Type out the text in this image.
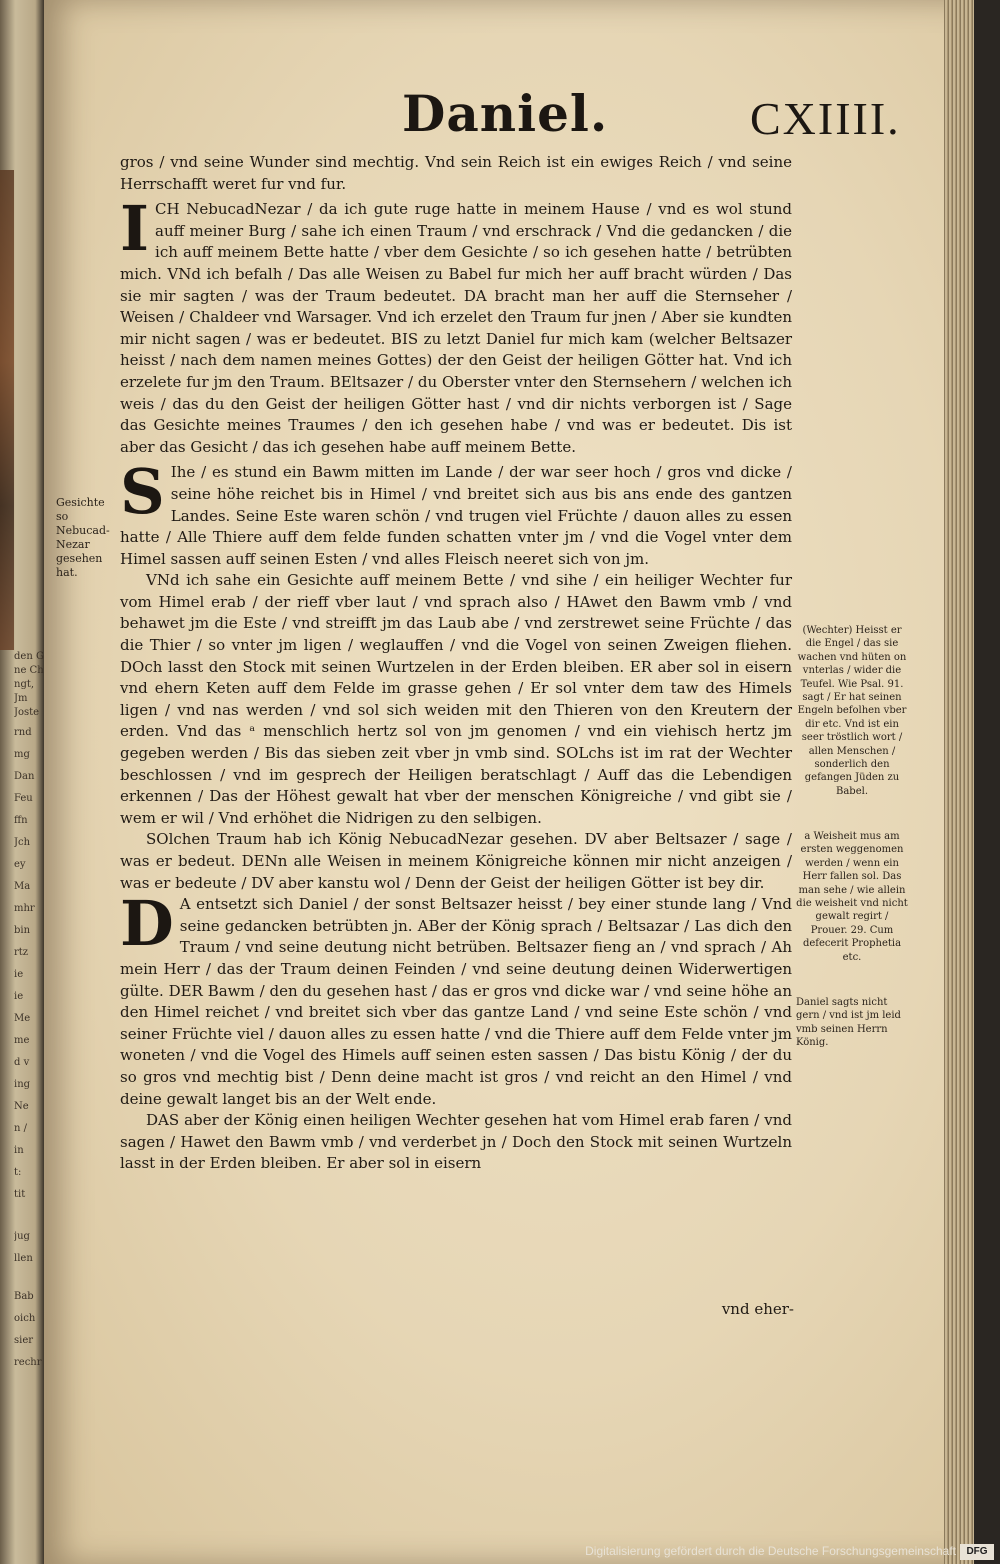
den G
ne Ch
ngt,
Jm
Joste
rnd
mg
Dan
Feu
ffn
Jch
ey
Ma
mhr
bin
rtz
ie
ie
Me
me
d v
ing
Ne
n /
in
t:
tit
jug
llen
Bab
oich
sier
rechr
Daniel.	CXIIII.
Gesichte so Nebucad-Nezar gesehen hat.

gros / vnd seine Wunder sind mechtig. Vnd sein Reich ist ein ewiges Reich / vnd seine Herrschafft weret fur vnd fur.

ICH NebucadNezar / da ich gute ruge hatte in meinem Hause / vnd es wol stund auff meiner Burg / sahe ich einen Traum / vnd erschrack / Vnd die gedancken / die ich auff meinem Bette hatte / vber dem Gesichte / so ich gesehen hatte / betrübten mich. VNd ich befalh / Das alle Weisen zu Babel fur mich her auff bracht würden / Das sie mir sagten / was der Traum bedeutet. DA bracht man her auff die Sternseher / Weisen / Chaldeer vnd Warsager. Vnd ich erzelet den Traum fur jnen / Aber sie kundten mir nicht sagen / was er bedeutet. BIS zu letzt Daniel fur mich kam (welcher Beltsazer heisst / nach dem namen meines Gottes) der den Geist der heiligen Götter hat. Vnd ich erzelete fur jm den Traum. BEltsazer / du Oberster vnter den Sternsehern / welchen ich weis / das du den Geist der heiligen Götter hast / vnd dir nichts verborgen ist / Sage das Gesichte meines Traumes / den ich gesehen habe / vnd was er bedeutet. Dis ist aber das Gesicht / das ich gesehen habe auff meinem Bette.

SIhe / es stund ein Bawm mitten im Lande / der war seer hoch / gros vnd dicke / seine höhe reichet bis in Himel / vnd breitet sich aus bis ans ende des gantzen Landes. Seine Este waren schön / vnd trugen viel Früchte / dauon alles zu essen hatte / Alle Thiere auff dem felde funden schatten vnter jm / vnd die Vogel vnter dem Himel sassen auff seinen Esten / vnd alles Fleisch neeret sich von jm.

VNd ich sahe ein Gesichte auff meinem Bette / vnd sihe / ein heiliger Wechter fur vom Himel erab / der rieff vber laut / vnd sprach also / HAwet den Bawm vmb / vnd behawet jm die Este / vnd streifft jm das Laub abe / vnd zerstrewet seine Früchte / das die Thier / so vnter jm ligen / weglauffen / vnd die Vogel von seinen Zweigen fliehen. DOch lasst den Stock mit seinen Wurtzelen in der Erden bleiben. ER aber sol in eisern vnd ehern Keten auff dem Felde im grasse gehen / Er sol vnter dem taw des Himels ligen / vnd nas werden / vnd sol sich weiden mit den Thieren von den Kreutern der erden. Vnd das ᵃ menschlich hertz sol von jm genomen / vnd ein viehisch hertz jm gegeben werden / Bis das sieben zeit vber jn vmb sind. SOLchs ist im rat der Wechter beschlossen / vnd im gesprech der Heiligen beratschlagt / Auff das die Lebendigen erkennen / Das der Höhest gewalt hat vber der menschen Königreiche / vnd gibt sie / wem er wil / Vnd erhöhet die Nidrigen zu den selbigen.

SOlchen Traum hab ich König NebucadNezar gesehen. DV aber Beltsazer / sage / was er bedeut. DENn alle Weisen in meinem Königreiche können mir nicht anzeigen / was er bedeute / DV aber kanstu wol / Denn der Geist der heiligen Götter ist bey dir.

DA entsetzt sich Daniel / der sonst Beltsazer heisst / bey einer stunde lang / Vnd seine gedancken betrübten jn. ABer der König sprach / Beltsazar / Las dich den Traum / vnd seine deutung nicht betrüben. Beltsazer fieng an / vnd sprach / Ah mein Herr / das der Traum deinen Feinden / vnd seine deutung deinen Widerwertigen gülte. DER Bawm / den du gesehen hast / das er gros vnd dicke war / vnd seine höhe an den Himel reichet / vnd breitet sich vber das gantze Land / vnd seine Este schön / vnd seiner Früchte viel / dauon alles zu essen hatte / vnd die Thiere auff dem Felde vnter jm woneten / vnd die Vogel des Himels auff seinen esten sassen / Das bistu König / der du so gros vnd mechtig bist / Denn deine macht ist gros / vnd reicht an den Himel / vnd deine gewalt langet bis an der Welt ende.

DAS aber der König einen heiligen Wechter gesehen hat vom Himel erab faren / vnd sagen / Hawet den Bawm vmb / vnd verderbet jn / Doch den Stock mit seinen Wurtzeln lasst in der Erden bleiben. Er aber sol in eisern

vnd eher-
(Wechter) Heisst er die Engel / das sie wachen vnd hüten on vnterlas / wider die Teufel. Wie Psal. 91. sagt / Er hat seinen Engeln befolhen vber dir etc. Vnd ist ein seer tröstlich wort / allen Menschen / sonderlich den gefangen Jüden zu Babel.
a Weisheit mus am ersten weggenomen werden / wenn ein Herr fallen sol. Das man sehe / wie allein die weisheit vnd nicht gewalt regirt / Prouer. 29. Cum defecerit Prophetia etc.
Daniel sagts nicht gern / vnd ist jm leid vmb seinen Herrn König.
Digitalisierung gefördert durch die Deutsche Forschungsgemeinschaft	DFG
